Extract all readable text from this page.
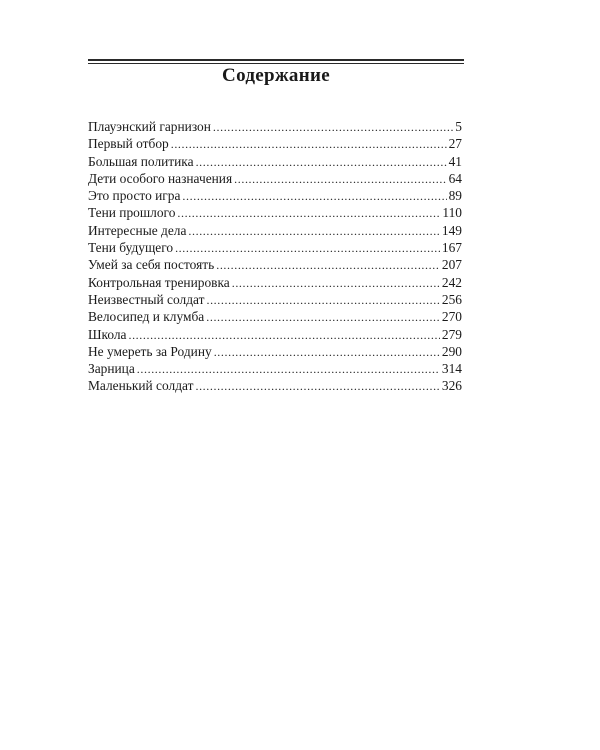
Содержание
Плауэнский гарнизон . . .	5
Первый отбор . . .	27
Большая политика . . .	41
Дети особого назначения . . .	64
Это просто игра . . .	89
Тени прошлого . . .	110
Интересные дела . . .	149
Тени будущего . . .	167
Умей за себя постоять . . .	207
Контрольная тренировка . . .	242
Неизвестный солдат . . .	256
Велосипед и клумба . . .	270
Школа . . .	279
Не умереть за Родину . . .	290
Зарница . . .	314
Маленький солдат . . .	326
